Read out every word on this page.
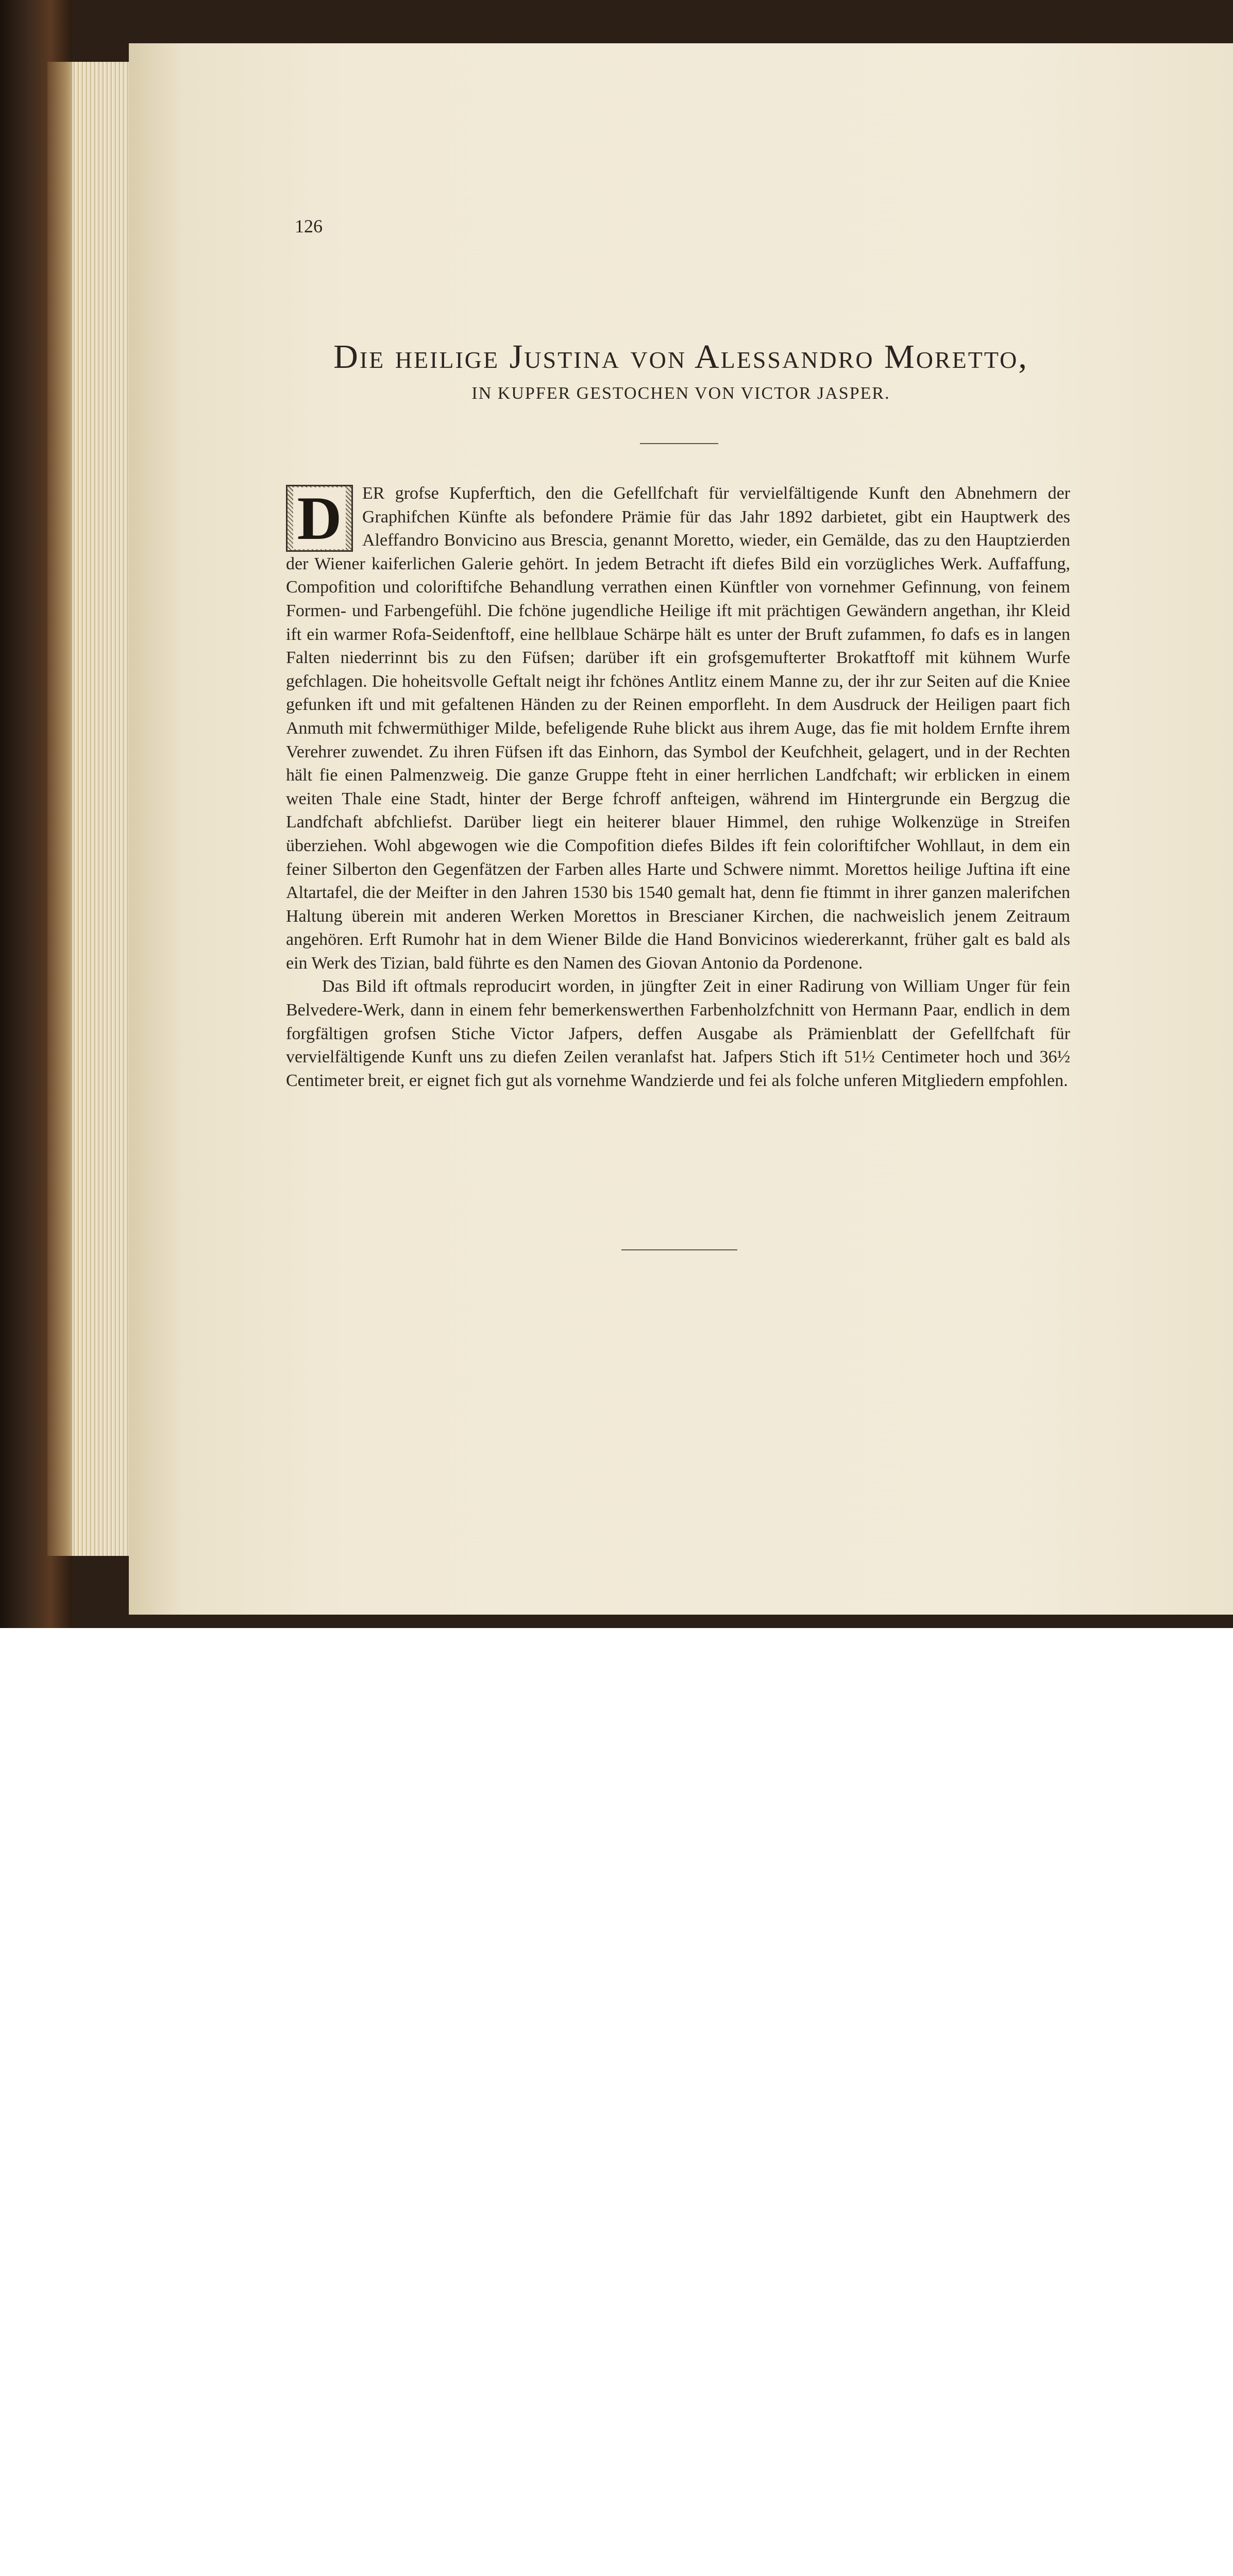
126
Die heilige Justina von Alessandro Moretto,
IN KUPFER GESTOCHEN VON VICTOR JASPER.

D ER grofse Kupferftich, den die Gefellfchaft für vervielfältigende Kunft den Abnehmern der Graphifchen Künfte als befondere Prämie für das Jahr 1892 darbietet, gibt ein Hauptwerk des Aleffandro Bonvicino aus Brescia, genannt Moretto, wieder, ein Gemälde, das zu den Hauptzierden der Wiener kaiferlichen Galerie gehört. In jedem Betracht ift diefes Bild ein vorzügliches Werk. Auffaffung, Compofition und coloriftifche Behandlung verrathen einen Künftler von vornehmer Gefinnung, von feinem Formen- und Farbengefühl. Die fchöne jugendliche Heilige ift mit prächtigen Gewändern angethan, ihr Kleid ift ein warmer Rofa-Seidenftoff, eine hellblaue Schärpe hält es unter der Bruft zufammen, fo dafs es in langen Falten niederrinnt bis zu den Füfsen; darüber ift ein grofsgemufterter Brokatftoff mit kühnem Wurfe gefchlagen. Die hoheitsvolle Geftalt neigt ihr fchönes Antlitz einem Manne zu, der ihr zur Seiten auf die Kniee gefunken ift und mit gefaltenen Händen zu der Reinen emporfleht. In dem Ausdruck der Heiligen paart fich Anmuth mit fchwermüthiger Milde, befeligende Ruhe blickt aus ihrem Auge, das fie mit holdem Ernfte ihrem Verehrer zuwendet. Zu ihren Füfsen ift das Einhorn, das Symbol der Keufchheit, gelagert, und in der Rechten hält fie einen Palmenzweig. Die ganze Gruppe fteht in einer herrlichen Landfchaft; wir erblicken in einem weiten Thale eine Stadt, hinter der Berge fchroff anfteigen, während im Hintergrunde ein Bergzug die Landfchaft abfchliefst. Darüber liegt ein heiterer blauer Himmel, den ruhige Wolkenzüge in Streifen überziehen. Wohl abgewogen wie die Compofition diefes Bildes ift fein coloriftifcher Wohllaut, in dem ein feiner Silberton den Gegenfätzen der Farben alles Harte und Schwere nimmt. Morettos heilige Juftina ift eine Altartafel, die der Meifter in den Jahren 1530 bis 1540 gemalt hat, denn fie ftimmt in ihrer ganzen malerifchen Haltung überein mit anderen Werken Morettos in Brescianer Kirchen, die nachweislich jenem Zeitraum angehören. Erft Rumohr hat in dem Wiener Bilde die Hand Bonvicinos wiedererkannt, früher galt es bald als ein Werk des Tizian, bald führte es den Namen des Giovan Antonio da Pordenone.

Das Bild ift oftmals reproducirt worden, in jüngfter Zeit in einer Radirung von William Unger für fein Belvedere-Werk, dann in einem fehr bemerkenswerthen Farbenholzfchnitt von Hermann Paar, endlich in dem forgfältigen grofsen Stiche Victor Jafpers, deffen Ausgabe als Prämienblatt der Gefellfchaft für vervielfältigende Kunft uns zu diefen Zeilen veranlafst hat. Jafpers Stich ift 51½ Centimeter hoch und 36½ Centimeter breit, er eignet fich gut als vornehme Wandzierde und fei als folche unferen Mitgliedern empfohlen.
